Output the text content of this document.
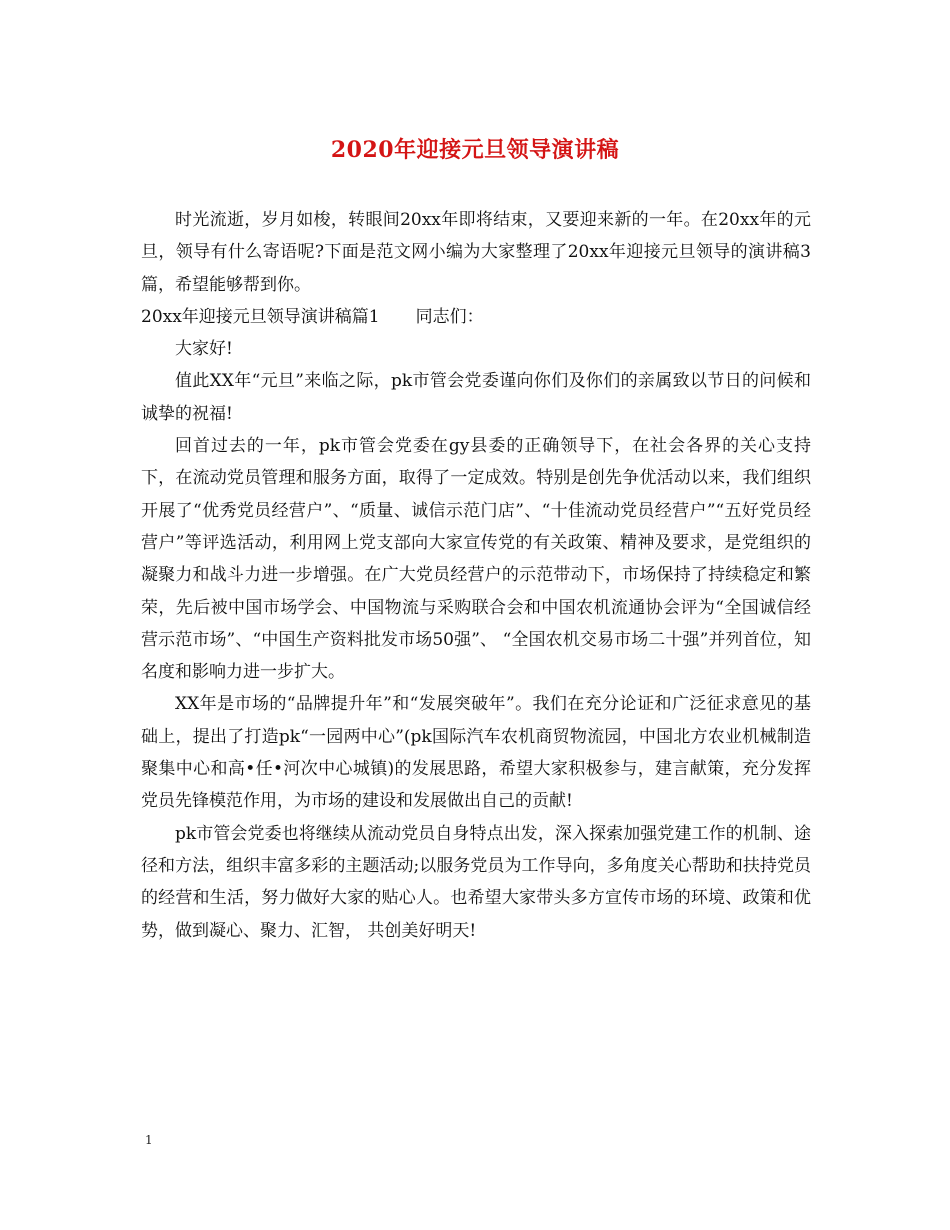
2020年迎接元旦领导演讲稿

时光流逝，岁月如梭，转眼间20xx年即将结束，又要迎来新的一年。在20xx年的元旦，领导有什么寄语呢?下面是范文网小编为大家整理了20xx年迎接元旦领导的演讲稿3篇，希望能够帮到你。

20xx年迎接元旦领导演讲稿篇1 同志们：

大家好!

值此XX年“元旦”来临之际，pk市管会党委谨向你们及你们的亲属致以节日的问候和诚挚的祝福!

回首过去的一年，pk市管会党委在gy县委的正确领导下，在社会各界的关心支持下，在流动党员管理和服务方面，取得了一定成效。特别是创先争优活动以来，我们组织开展了“优秀党员经营户”、“质量、诚信示范门店”、“十佳流动党员经营户”“五好党员经营户”等评选活动，利用网上党支部向大家宣传党的有关政策、精神及要求，是党组织的凝聚力和战斗力进一步增强。在广大党员经营户的示范带动下，市场保持了持续稳定和繁荣，先后被中国市场学会、中国物流与采购联合会和中国农机流通协会评为“全国诚信经营示范市场”、“中国生产资料批发市场50强”、 “全国农机交易市场二十强”并列首位，知名度和影响力进一步扩大。

XX年是市场的“品牌提升年”和“发展突破年”。我们在充分论证和广泛征求意见的基础上，提出了打造pk“一园两中心”(pk国际汽车农机商贸物流园，中国北方农业机械制造聚集中心和高•任•河次中心城镇)的发展思路，希望大家积极参与，建言献策，充分发挥党员先锋模范作用，为市场的建设和发展做出自己的贡献!

pk市管会党委也将继续从流动党员自身特点出发，深入探索加强党建工作的机制、途径和方法，组织丰富多彩的主题活动;以服务党员为工作导向，多角度关心帮助和扶持党员的经营和生活，努力做好大家的贴心人。也希望大家带头多方宣传市场的环境、政策和优势，做到凝心、聚力、汇智， 共创美好明天!

1
